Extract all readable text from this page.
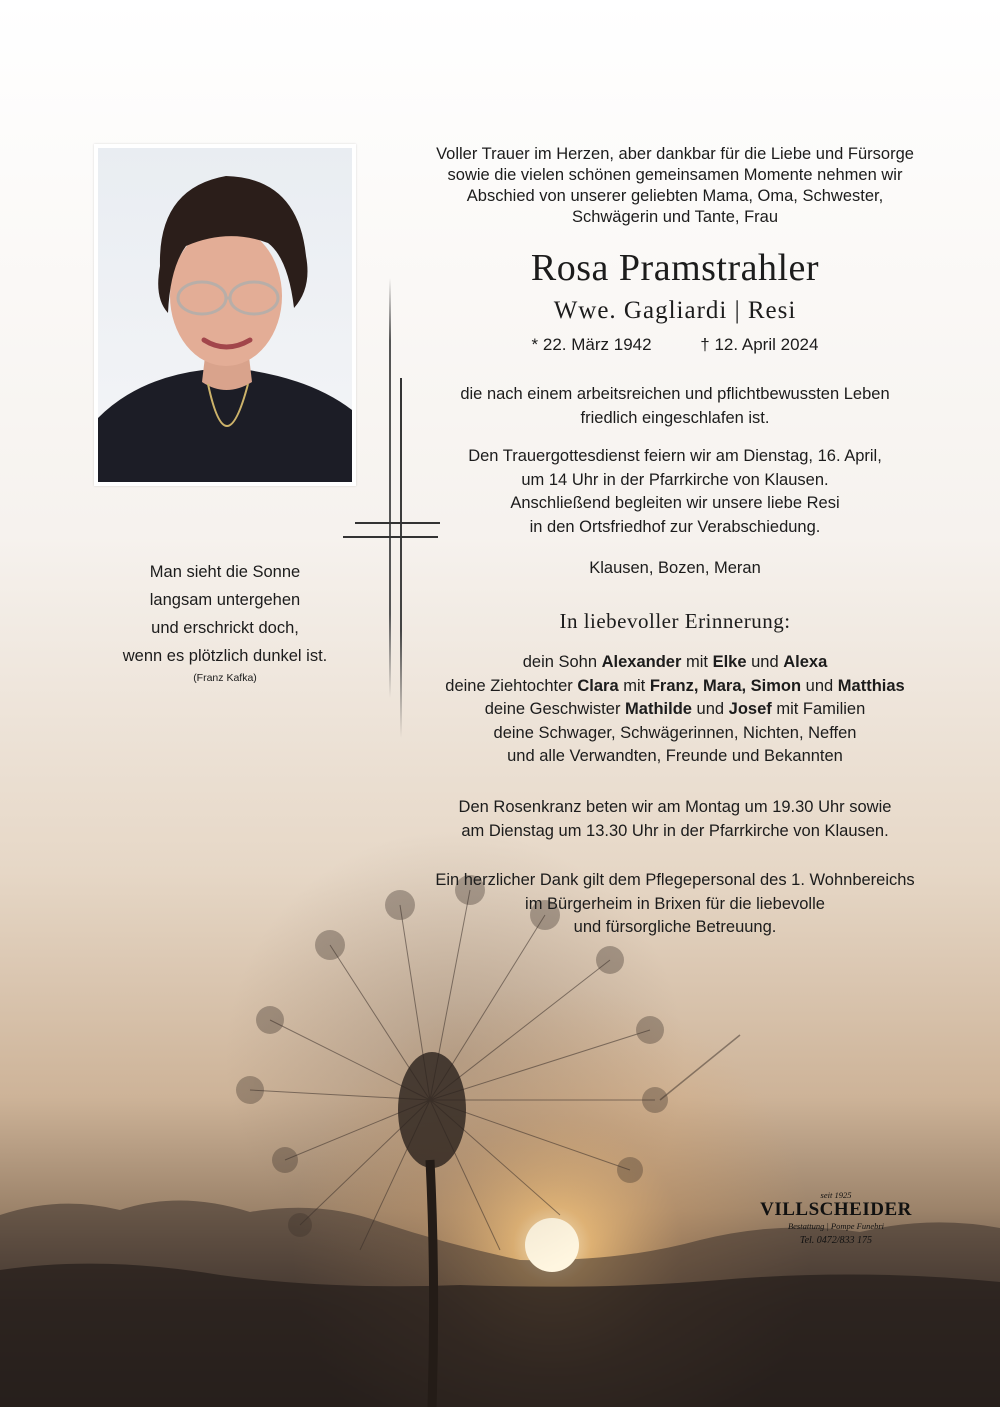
Voller Trauer im Herzen, aber dankbar für die Liebe und Fürsorge
sowie die vielen schönen gemeinsamen Momente nehmen wir
Abschied von unserer geliebten Mama, Oma, Schwester,
Schwägerin und Tante, Frau
Rosa Pramstrahler
Wwe. Gagliardi | Resi
* 22. März 1942	† 12. April 2024
die nach einem arbeitsreichen und pflichtbewussten Leben
friedlich eingeschlafen ist.
Den Trauergottesdienst feiern wir am Dienstag, 16. April,
um 14 Uhr in der Pfarrkirche von Klausen.
Anschließend begleiten wir unsere liebe Resi
in den Ortsfriedhof zur Verabschiedung.
Klausen, Bozen, Meran
In liebevoller Erinnerung:
dein Sohn Alexander mit Elke und Alexa
deine Ziehtochter Clara mit Franz, Mara, Simon und Matthias
deine Geschwister Mathilde und Josef mit Familien
deine Schwager, Schwägerinnen, Nichten, Neffen
und alle Verwandten, Freunde und Bekannten
Den Rosenkranz beten wir am Montag um 19.30 Uhr sowie
am Dienstag um 13.30 Uhr in der Pfarrkirche von Klausen.
Ein herzlicher Dank gilt dem Pflegepersonal des 1. Wohnbereichs
im Bürgerheim in Brixen für die liebevolle
und fürsorgliche Betreuung.
Man sieht die Sonne
langsam untergehen
und erschrickt doch,
wenn es plötzlich dunkel ist.
(Franz Kafka)
seit 1925
VILLSCHEIDER
Bestattung | Pompe Funebri
Tel. 0472/833 175
